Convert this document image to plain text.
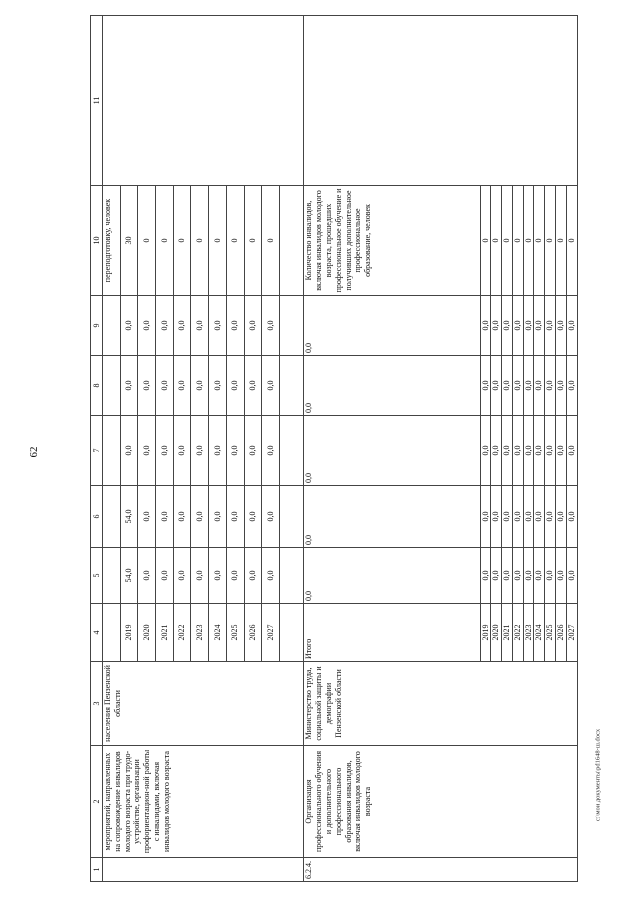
62
1	2	3	4	5	6	7	8	9	10	11
	мероприятий, направленных на сопровождение инвалидов молодого возраста при трудо-устройстве, организации профориентацион-ной работы с инвалидами, включая инвалидов молодого возраста	населения Пензенской области							переподготовку, человек	
			2019	54,0	54,0	0,0	0,0	0,0	30	
			2020	0,0	0,0	0,0	0,0	0,0	0	
			2021	0,0	0,0	0,0	0,0	0,0	0	
			2022	0,0	0,0	0,0	0,0	0,0	0	
			2023	0,0	0,0	0,0	0,0	0,0	0	
			2024	0,0	0,0	0,0	0,0	0,0	0	
			2025	0,0	0,0	0,0	0,0	0,0	0	
			2026	0,0	0,0	0,0	0,0	0,0	0	
			2027	0,0	0,0	0,0	0,0	0,0	0	

6.2.4.	Организация профессионального обучения и дополнительного профессионального образования инвалидов, включая инвалидов молодого возраста	Министерство труда, социальной защиты и демографии Пензенской области	Итого	0,0	0,0	0,0	0,0	0,0	Количество инвалидов, включая инвалидов молодого возраста, прошедших профессиональное обучение и получивших дополнительное профессиональное образование, человек	
			2019	0,0	0,0	0,0	0,0	0,0	0	
			2020	0,0	0,0	0,0	0,0	0,0	0	
			2021	0,0	0,0	0,0	0,0	0,0	0	
			2022	0,0	0,0	0,0	0,0	0,0	0	
			2023	0,0	0,0	0,0	0,0	0,0	0	
			2024	0,0	0,0	0,0	0,0	0,0	0	
			2025	0,0	0,0	0,0	0,0	0,0	0	
			2026	0,0	0,0	0,0	0,0	0,0	0	
			2027	0,0	0,0	0,0	0,0	0,0	0	

c:\мои документы\pd1648-ш.docx
